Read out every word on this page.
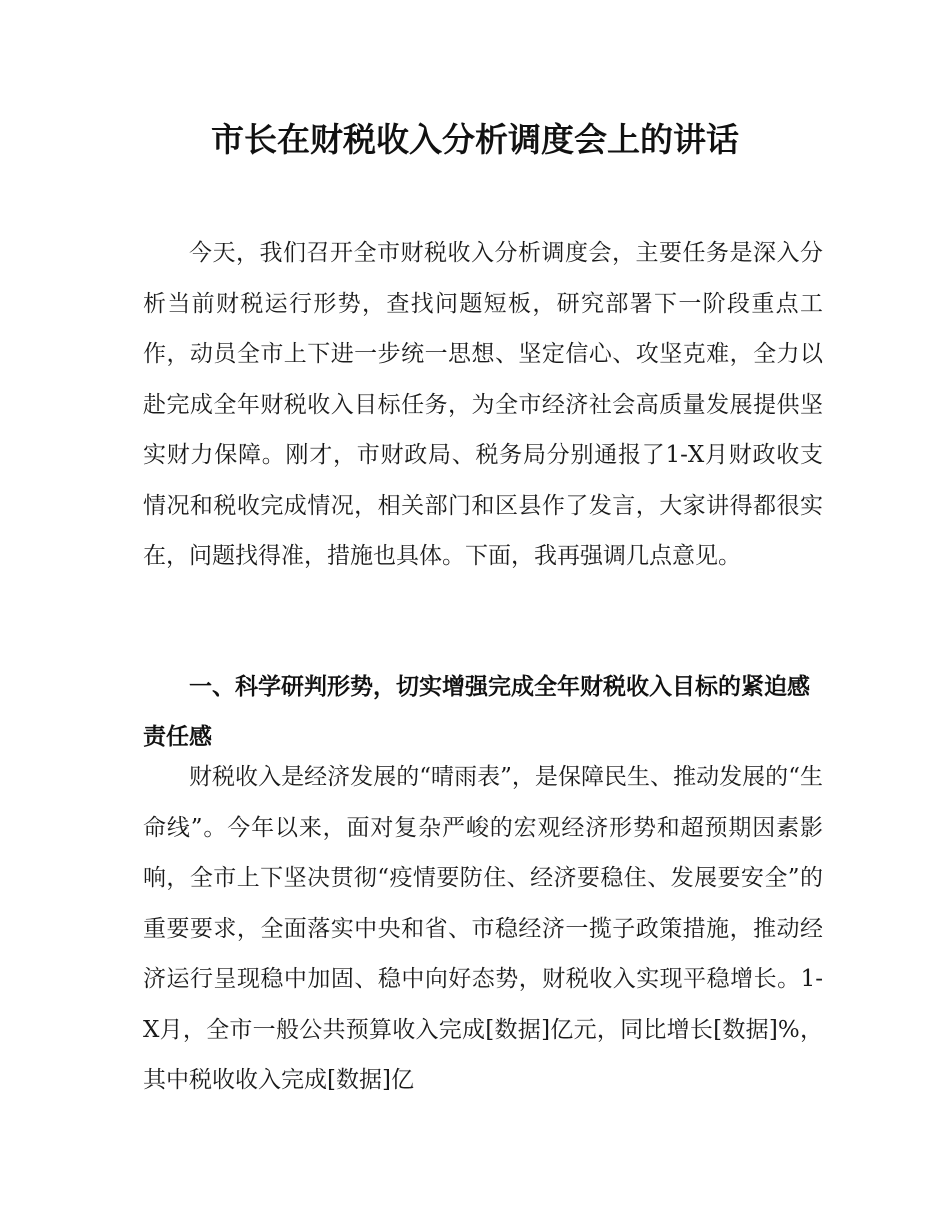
市长在财税收入分析调度会上的讲话

今天，我们召开全市财税收入分析调度会，主要任务是深入分析当前财税运行形势，查找问题短板，研究部署下一阶段重点工作，动员全市上下进一步统一思想、坚定信心、攻坚克难，全力以赴完成全年财税收入目标任务，为全市经济社会高质量发展提供坚实财力保障。刚才，市财政局、税务局分别通报了1-X月财政收支情况和税收完成情况，相关部门和区县作了发言，大家讲得都很实在，问题找得准，措施也具体。下面，我再强调几点意见。

一、科学研判形势，切实增强完成全年财税收入目标的紧迫感责任感

财税收入是经济发展的“晴雨表”，是保障民生、推动发展的“生命线”。今年以来，面对复杂严峻的宏观经济形势和超预期因素影响，全市上下坚决贯彻“疫情要防住、经济要稳住、发展要安全”的重要要求，全面落实中央和省、市稳经济一揽子政策措施，推动经济运行呈现稳中加固、稳中向好态势，财税收入实现平稳增长。1-X月，全市一般公共预算收入完成[数据]亿元，同比增长[数据]%，其中税收收入完成[数据]亿
